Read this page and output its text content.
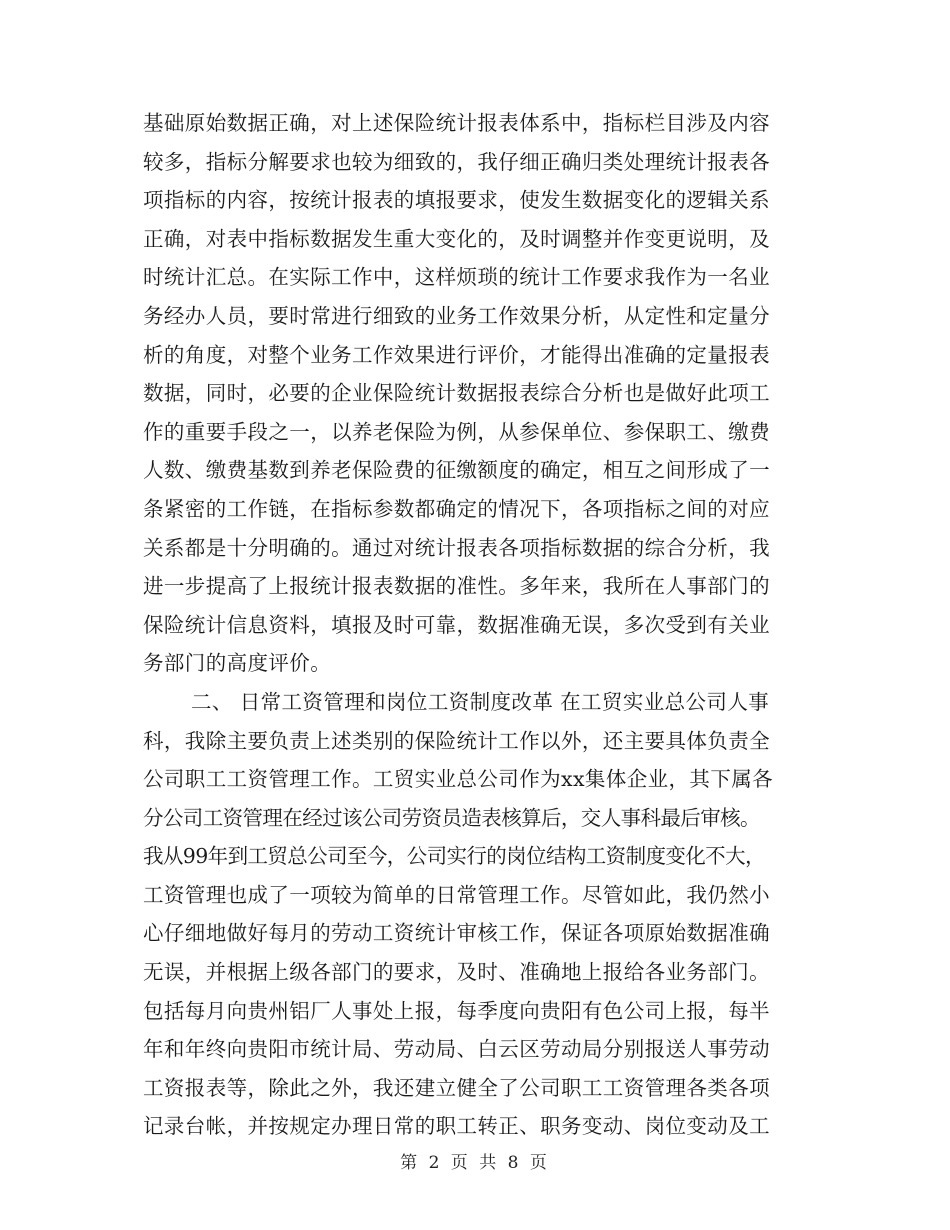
基础原始数据正确，对上述保险统计报表体系中，指标栏目涉及内容
较多，指标分解要求也较为细致的，我仔细正确归类处理统计报表各
项指标的内容，按统计报表的填报要求，使发生数据变化的逻辑关系
正确，对表中指标数据发生重大变化的，及时调整并作变更说明，及
时统计汇总。在实际工作中，这样烦琐的统计工作要求我作为一名业
务经办人员，要时常进行细致的业务工作效果分析，从定性和定量分
析的角度，对整个业务工作效果进行评价，才能得出准确的定量报表
数据，同时，必要的企业保险统计数据报表综合分析也是做好此项工
作的重要手段之一，以养老保险为例，从参保单位、参保职工、缴费
人数、缴费基数到养老保险费的征缴额度的确定，相互之间形成了一
条紧密的工作链，在指标参数都确定的情况下，各项指标之间的对应
关系都是十分明确的。通过对统计报表各项指标数据的综合分析，我
进一步提高了上报统计报表数据的准性。多年来，我所在人事部门的
保险统计信息资料，填报及时可靠，数据准确无误，多次受到有关业
务部门的高度评价。
二、 日常工资管理和岗位工资制度改革 在工贸实业总公司人事
科，我除主要负责上述类别的保险统计工作以外，还主要具体负责全
公司职工工资管理工作。工贸实业总公司作为xx集体企业，其下属各
分公司工资管理在经过该公司劳资员造表核算后，交人事科最后审核。
我从99年到工贸总公司至今，公司实行的岗位结构工资制度变化不大，
工资管理也成了一项较为简单的日常管理工作。尽管如此，我仍然小
心仔细地做好每月的劳动工资统计审核工作，保证各项原始数据准确
无误，并根据上级各部门的要求，及时、准确地上报给各业务部门。
包括每月向贵州铝厂人事处上报，每季度向贵阳有色公司上报，每半
年和年终向贵阳市统计局、劳动局、白云区劳动局分别报送人事劳动
工资报表等，除此之外，我还建立健全了公司职工工资管理各类各项
记录台帐，并按规定办理日常的职工转正、职务变动、岗位变动及工
第 2 页 共 8 页
